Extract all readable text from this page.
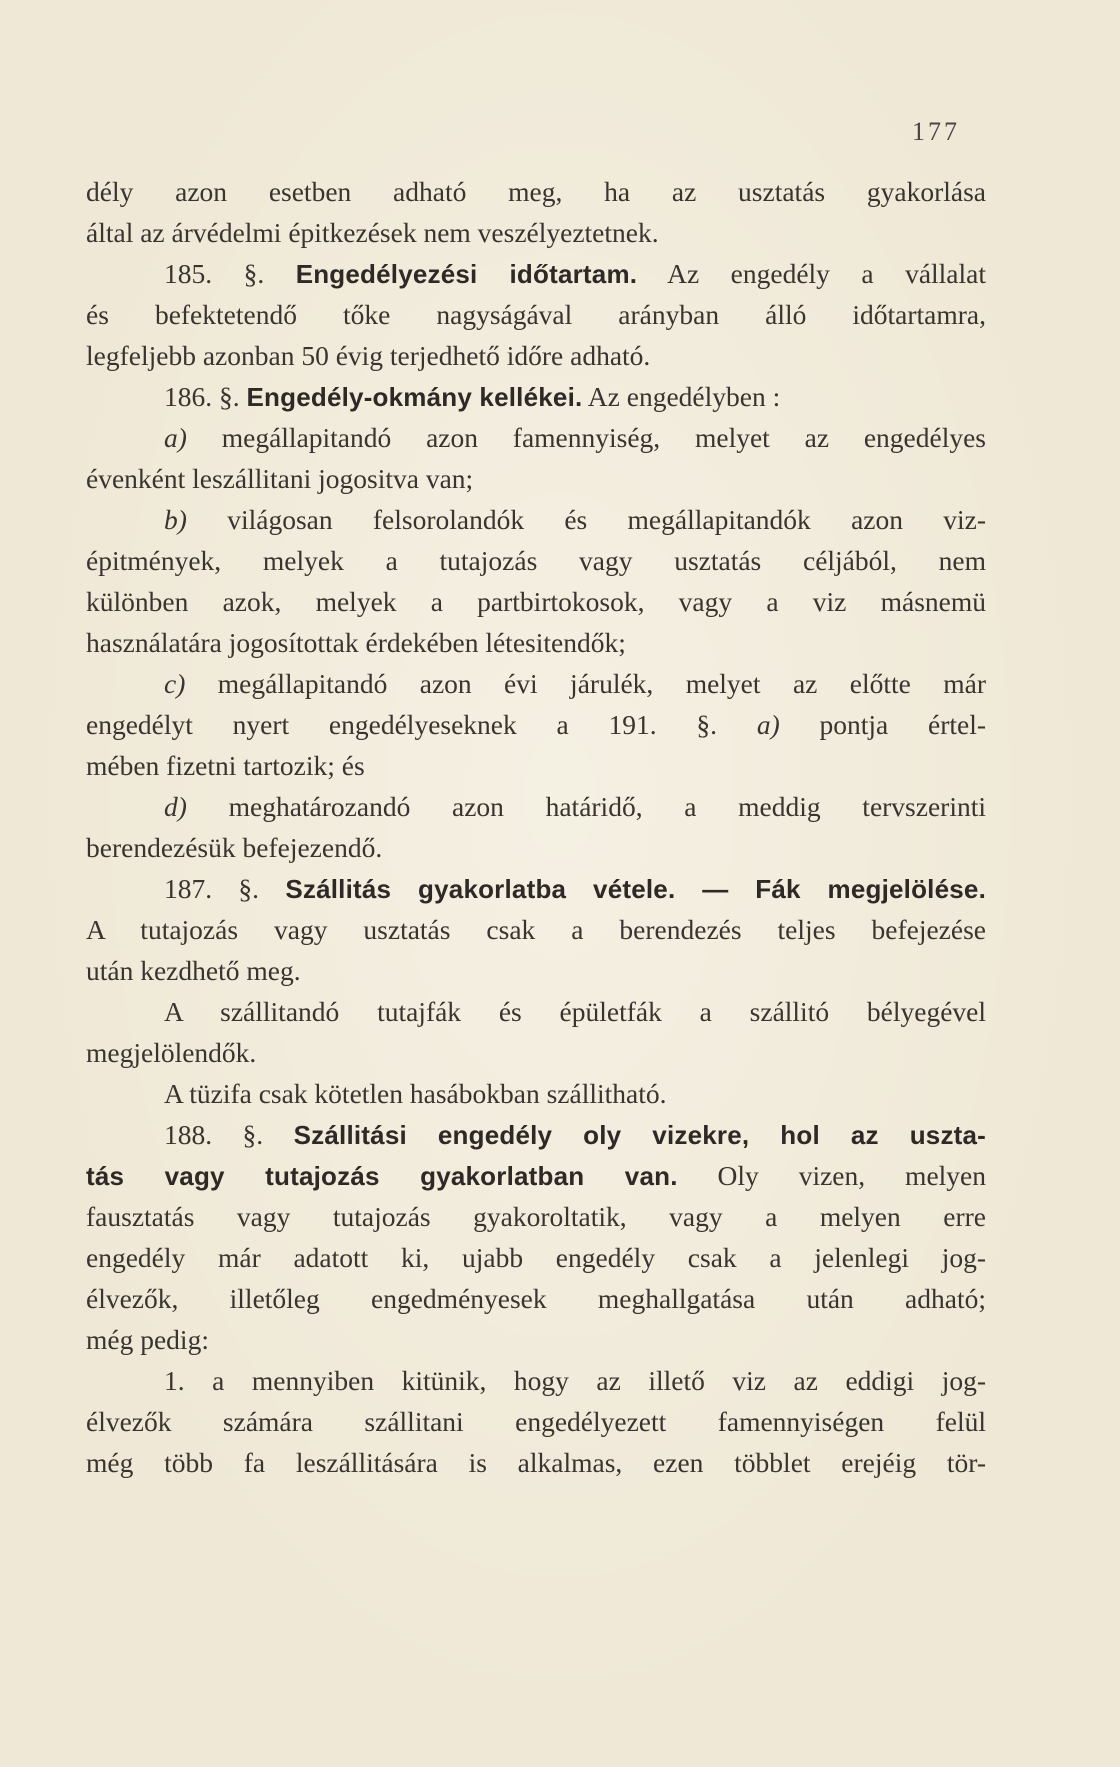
177
dély azon esetben adható meg, ha az usztatás gyakorlása
által az árvédelmi épitkezések nem veszélyeztetnek.
185. §. Engedélyezési időtartam. Az engedély a vállalat
és befektetendő tőke nagyságával arányban álló időtartamra,
legfeljebb azonban 50 évig terjedhető időre adható.
186. §. Engedély-okmány kellékei. Az engedélyben :
a) megállapitandó azon famennyiség, melyet az engedélyes
évenként leszállitani jogositva van;
b) világosan felsorolandók és megállapitandók azon viz-
épitmények, melyek a tutajozás vagy usztatás céljából, nem
különben azok, melyek a partbirtokosok, vagy a viz másnemü
használatára jogosítottak érdekében létesitendők;
c) megállapitandó azon évi járulék, melyet az előtte már
engedélyt nyert engedélyeseknek a 191. §. a) pontja értel-
mében fizetni tartozik; és
d) meghatározandó azon határidő, a meddig tervszerinti
berendezésük befejezendő.
187. §. Szállitás gyakorlatba vétele. — Fák megjelölése.
A tutajozás vagy usztatás csak a berendezés teljes befejezése
után kezdhető meg.
A szállitandó tutajfák és épületfák a szállitó bélyegével
megjelölendők.
A tüzifa csak kötetlen hasábokban szállitható.
188. §. Szállitási engedély oly vizekre, hol az uszta-
tás vagy tutajozás gyakorlatban van. Oly vizen, melyen
fausztatás vagy tutajozás gyakoroltatik, vagy a melyen erre
engedély már adatott ki, ujabb engedély csak a jelenlegi jog-
élvezők, illetőleg engedményesek meghallgatása után adható;
még pedig:
1. a mennyiben kitünik, hogy az illető viz az eddigi jog-
élvezők számára szállitani engedélyezett famennyiségen felül
még több fa leszállitására is alkalmas, ezen többlet erejéig tör-
